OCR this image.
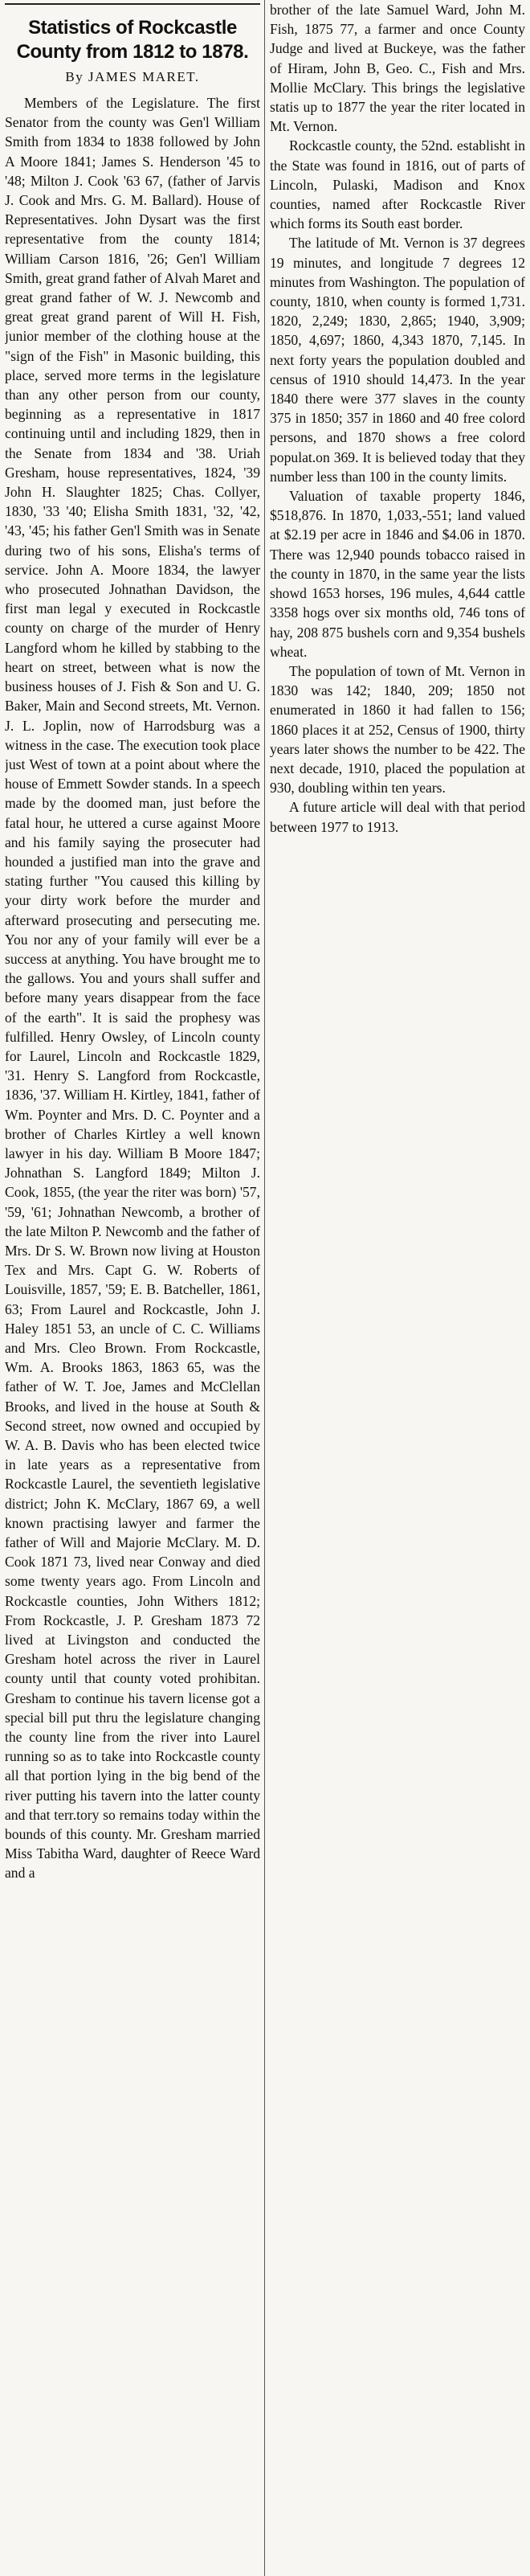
Statistics of Rockcastle County from 1812 to 1878.
By JAMES MARET.

Members of the Legislature. The first Senator from the county was Gen'l William Smith from 1834 to 1838 followed by John A Moore 1841; James S. Henderson '45 to '48; Milton J. Cook '63 67, (father of Jarvis J. Cook and Mrs. G. M. Ballard). House of Representatives. John Dysart was the first representative from the county 1814; William Carson 1816, '26; Gen'l William Smith, great grand father of Alvah Maret and great grand father of W. J. Newcomb and great great grand parent of Will H. Fish, junior member of the clothing house at the "sign of the Fish" in Masonic building, this place, served more terms in the legislature than any other person from our county, beginning as a representative in 1817 continuing until and including 1829, then in the Senate from 1834 and '38. Uriah Gresham, house representatives, 1824, '39 John H. Slaughter 1825; Chas. Collyer, 1830, '33 '40; Elisha Smith 1831, '32, '42, '43, '45; his father Gen'l Smith was in Senate during two of his sons, Elisha's terms of service. John A. Moore 1834, the lawyer who prosecuted Johnathan Davidson, the first man legal y executed in Rockcastle county on charge of the murder of Henry Langford whom he killed by stabbing to the heart on street, between what is now the business houses of J. Fish & Son and U. G. Baker, Main and Second streets, Mt. Vernon. J. L. Joplin, now of Harrodsburg was a witness in the case. The execution took place just West of town at a point about where the house of Emmett Sowder stands. In a speech made by the doomed man, just before the fatal hour, he uttered a curse against Moore and his family saying the prosecuter had hounded a justified man into the grave and stating further "You caused this killing by your dirty work before the murder and afterward prosecuting and persecuting me. You nor any of your family will ever be a success at anything. You have brought me to the gallows. You and yours shall suffer and before many years disappear from the face of the earth". It is said the prophesy was fulfilled. Henry Owsley, of Lincoln county for Laurel, Lincoln and Rockcastle 1829, '31. Henry S. Langford from Rockcastle, 1836, '37. William H. Kirtley, 1841, father of Wm. Poynter and Mrs. D. C. Poynter and a brother of Charles Kirtley a well known lawyer in his day. William B Moore 1847; Johnathan S. Langford 1849; Milton J. Cook, 1855, (the year the riter was born) '57, '59, '61; Johnathan Newcomb, a brother of the late Milton P. Newcomb and the father of Mrs. Dr S. W. Brown now living at Houston Tex and Mrs. Capt G. W. Roberts of Louisville, 1857, '59; E. B. Batcheller, 1861, 63; From Laurel and Rockcastle, John J. Haley 1851 53, an uncle of C. C. Williams and Mrs. Cleo Brown. From Rockcastle, Wm. A. Brooks 1863, 1863 65, was the father of W. T. Joe, James and McClellan Brooks, and lived in the house at South & Second street, now owned and occupied by W. A. B. Davis who has been elected twice in late years as a representative from Rockcastle Laurel, the seventieth legislative district; John K. McClary, 1867 69, a well known practising lawyer and farmer the father of Will and Majorie McClary. M. D. Cook 1871 73, lived near Conway and died some twenty years ago. From Lincoln and Rockcastle counties, John Withers 1812; From Rockcastle, J. P. Gresham 1873 72 lived at Livingston and conducted the Gresham hotel across the river in Laurel county until that county voted prohibitan. Gresham to continue his tavern license got a special bill put thru the legislature changing the county line from the river into Laurel running so as to take into Rockcastle county all that portion lying in the big bend of the river putting his tavern into the latter county and that terr.tory so remains today within the bounds of this county. Mr. Gresham married Miss Tabitha Ward, daughter of Reece Ward and a

brother of the late Samuel Ward, John M. Fish, 1875 77, a farmer and once County Judge and lived at Buckeye, was the father of Hiram, John B, Geo. C., Fish and Mrs. Mollie McClary. This brings the legislative statis up to 1877 the year the riter located in Mt. Vernon.

Rockcastle county, the 52nd. establisht in the State was found in 1816, out of parts of Lincoln, Pulaski, Madison and Knox counties, named after Rockcastle River which forms its South east border.

The latitude of Mt. Vernon is 37 degrees 19 minutes, and longitude 7 degrees 12 minutes from Washington. The population of county, 1810, when county is formed 1,731. 1820, 2,249; 1830, 2,865; 1940, 3,909; 1850, 4,697; 1860, 4,343 1870, 7,145. In next forty years the population doubled and census of 1910 should 14,473. In the year 1840 there were 377 slaves in the county 375 in 1850; 357 in 1860 and 40 free colord persons, and 1870 shows a free colord populat.on 369. It is believed today that they number less than 100 in the county limits.

Valuation of taxable property 1846, $518,876. In 1870, 1,033,-551; land valued at $2.19 per acre in 1846 and $4.06 in 1870. There was 12,940 pounds tobacco raised in the county in 1870, in the same year the lists showd 1653 horses, 196 mules, 4,644 cattle 3358 hogs over six months old, 746 tons of hay, 208 875 bushels corn and 9,354 bushels wheat.

The population of town of Mt. Vernon in 1830 was 142; 1840, 209; 1850 not enumerated in 1860 it had fallen to 156; 1860 places it at 252, Census of 1900, thirty years later shows the number to be 422. The next decade, 1910, placed the population at 930, doubling within ten years.

A future article will deal with that period between 1977 to 1913.
